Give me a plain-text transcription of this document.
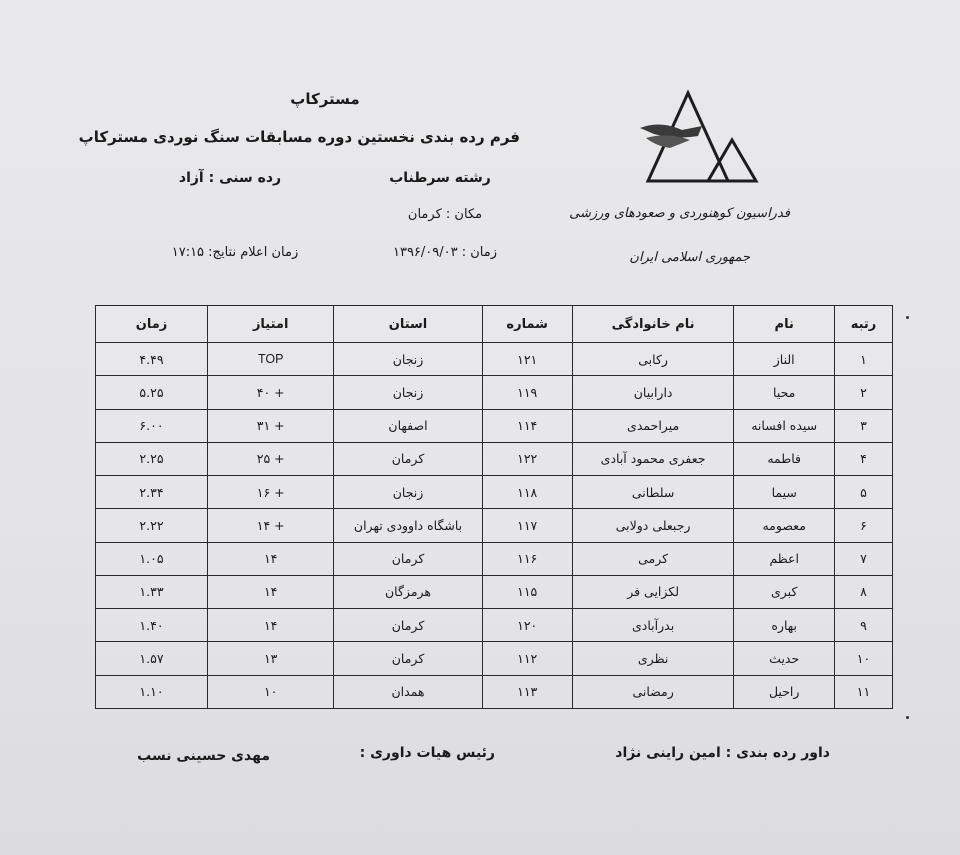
مسترکاپ
فرم رده بندی نخستین دوره مسابقات سنگ نوردی مسترکاپ
رشته سرطناب
رده سنی : آزاد
مکان : کرمان
زمان : ۱۳۹۶/۰۹/۰۳
زمان اعلام نتایج: ۱۷:۱۵
فدراسیون کوهنوردی و صعودهای ورزشی
جمهوری اسلامی ایران
رتبه	نام	نام خانوادگی	شماره	استان	امتیاز	زمان
۱	الناز	رکابی	۱۲۱	زنجان	TOP	۴.۴۹
۲	محیا	دارابیان	۱۱۹	زنجان	+ ۴۰	۵.۲۵
۳	سیده افسانه	میراحمدی	۱۱۴	اصفهان	+ ۳۱	۶.۰۰
۴	فاطمه	جعفری محمود آبادی	۱۲۲	کرمان	+ ۲۵	۲.۲۵
۵	سیما	سلطانی	۱۱۸	زنجان	+ ۱۶	۲.۳۴
۶	معصومه	رجبعلی دولابی	۱۱۷	باشگاه داوودی تهران	+ ۱۴	۲.۲۲
۷	اعظم	کرمی	۱۱۶	کرمان	۱۴	۱.۰۵
۸	کبری	لکزایی فر	۱۱۵	هرمزگان	۱۴	۱.۳۳
۹	بهاره	بدرآبادی	۱۲۰	کرمان	۱۴	۱.۴۰
۱۰	حدیث	نظری	۱۱۲	کرمان	۱۳	۱.۵۷
۱۱	راحیل	رمضانی	۱۱۳	همدان	۱۰	۱.۱۰
داور رده بندی : امین راینی نژاد
رئیس هیات داوری :
مهدی حسینی نسب
